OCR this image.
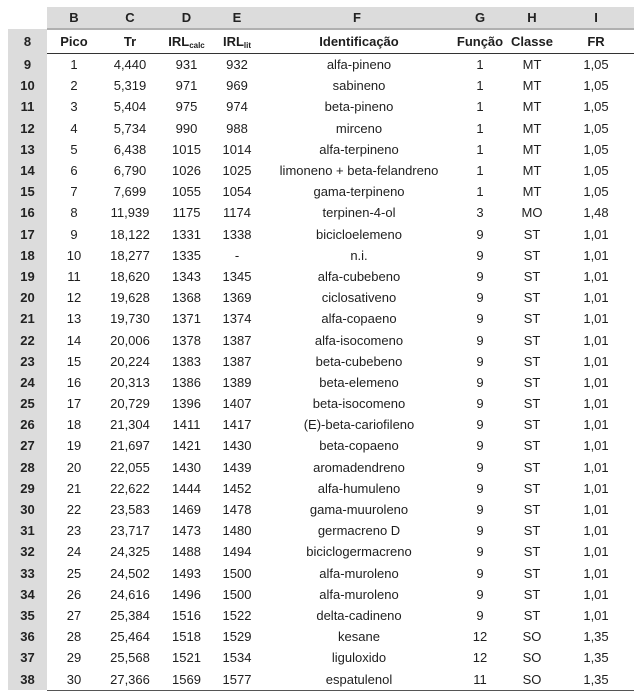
	B	C	D	E	F	G	H	I
8	Pico	Tr	$IRL_{calc}$	$IRL_{lit}$	Identificação	Função	Classe	FR
9	1	4,440	931	932	alfa-pineno	1	MT	1,05
10	2	5,319	971	969	sabineno	1	MT	1,05
11	3	5,404	975	974	beta-pineno	1	MT	1,05
12	4	5,734	990	988	mirceno	1	MT	1,05
13	5	6,438	1015	1014	alfa-terpineno	1	MT	1,05
14	6	6,790	1026	1025	limoneno + beta-felandreno	1	MT	1,05
15	7	7,699	1055	1054	gama-terpineno	1	MT	1,05
16	8	11,939	1175	1174	terpinen-4-ol	3	MO	1,48
17	9	18,122	1331	1338	bicicloelemeno	9	ST	1,01
18	10	18,277	1335	-	n.i.	9	ST	1,01
19	11	18,620	1343	1345	alfa-cubebeno	9	ST	1,01
20	12	19,628	1368	1369	ciclosativeno	9	ST	1,01
21	13	19,730	1371	1374	alfa-copaeno	9	ST	1,01
22	14	20,006	1378	1387	alfa-isocomeno	9	ST	1,01
23	15	20,224	1383	1387	beta-cubebeno	9	ST	1,01
24	16	20,313	1386	1389	beta-elemeno	9	ST	1,01
25	17	20,729	1396	1407	beta-isocomeno	9	ST	1,01
26	18	21,304	1411	1417	(E)-beta-cariofileno	9	ST	1,01
27	19	21,697	1421	1430	beta-copaeno	9	ST	1,01
28	20	22,055	1430	1439	aromadendreno	9	ST	1,01
29	21	22,622	1444	1452	alfa-humuleno	9	ST	1,01
30	22	23,583	1469	1478	gama-muuroleno	9	ST	1,01
31	23	23,717	1473	1480	germacreno D	9	ST	1,01
32	24	24,325	1488	1494	biciclogermacreno	9	ST	1,01
33	25	24,502	1493	1500	alfa-muroleno	9	ST	1,01
34	26	24,616	1496	1500	alfa-muroleno	9	ST	1,01
35	27	25,384	1516	1522	delta-cadineno	9	ST	1,01
36	28	25,464	1518	1529	kesane	12	SO	1,35
37	29	25,568	1521	1534	liguloxido	12	SO	1,35
38	30	27,366	1569	1577	espatulenol	11	SO	1,35
